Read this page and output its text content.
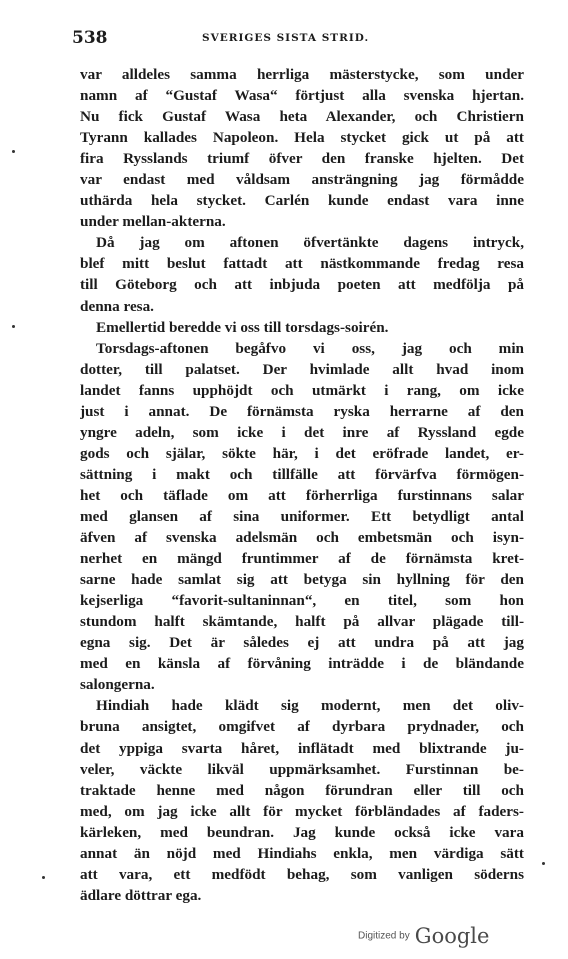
538	SVERIGES SISTA STRID.
var alldeles samma herrliga mästerstycke, som under
namn af “Gustaf Wasa“ förtjust alla svenska hjertan.
Nu fick Gustaf Wasa heta Alexander, och Christiern
Tyrann kallades Napoleon. Hela stycket gick ut på att
fira Rysslands triumf öfver den franske hjelten. Det
var endast med våldsam ansträngning jag förmådde
uthärda hela stycket. Carlén kunde endast vara inne
under mellan-akterna.
Då jag om aftonen öfvertänkte dagens intryck,
blef mitt beslut fattadt att nästkommande fredag resa
till Göteborg och att inbjuda poeten att medfölja på
denna resa.
Emellertid beredde vi oss till torsdags-soirén.
Torsdags-aftonen begåfvo vi oss, jag och min
dotter, till palatset. Der hvimlade allt hvad inom
landet fanns upphöjdt och utmärkt i rang, om icke
just i annat. De förnämsta ryska herrarne af den
yngre adeln, som icke i det inre af Ryssland egde
gods och själar, sökte här, i det eröfrade landet, er-
sättning i makt och tillfälle att förvärfva förmögen-
het och täflade om att förherrliga furstinnans salar
med glansen af sina uniformer. Ett betydligt antal
äfven af svenska adelsmän och embetsmän och isyn-
nerhet en mängd fruntimmer af de förnämsta kret-
sarne hade samlat sig att betyga sin hyllning för den
kejserliga “favorit-sultaninnan“, en titel, som hon
stundom halft skämtande, halft på allvar plägade till-
egna sig. Det är således ej att undra på att jag
med en känsla af förvåning inträdde i de bländande
salongerna.
Hindiah hade klädt sig modernt, men det oliv-
bruna ansigtet, omgifvet af dyrbara prydnader, och
det yppiga svarta håret, inflätadt med blixtrande ju-
veler, väckte likväl uppmärksamhet. Furstinnan be-
traktade henne med någon förundran eller till och
med, om jag icke allt för mycket förbländades af faders-
kärleken, med beundran. Jag kunde också icke vara
annat än nöjd med Hindiahs enkla, men värdiga sätt
att vara, ett medfödt behag, som vanligen söderns
ädlare döttrar ega.
Digitized by Google
